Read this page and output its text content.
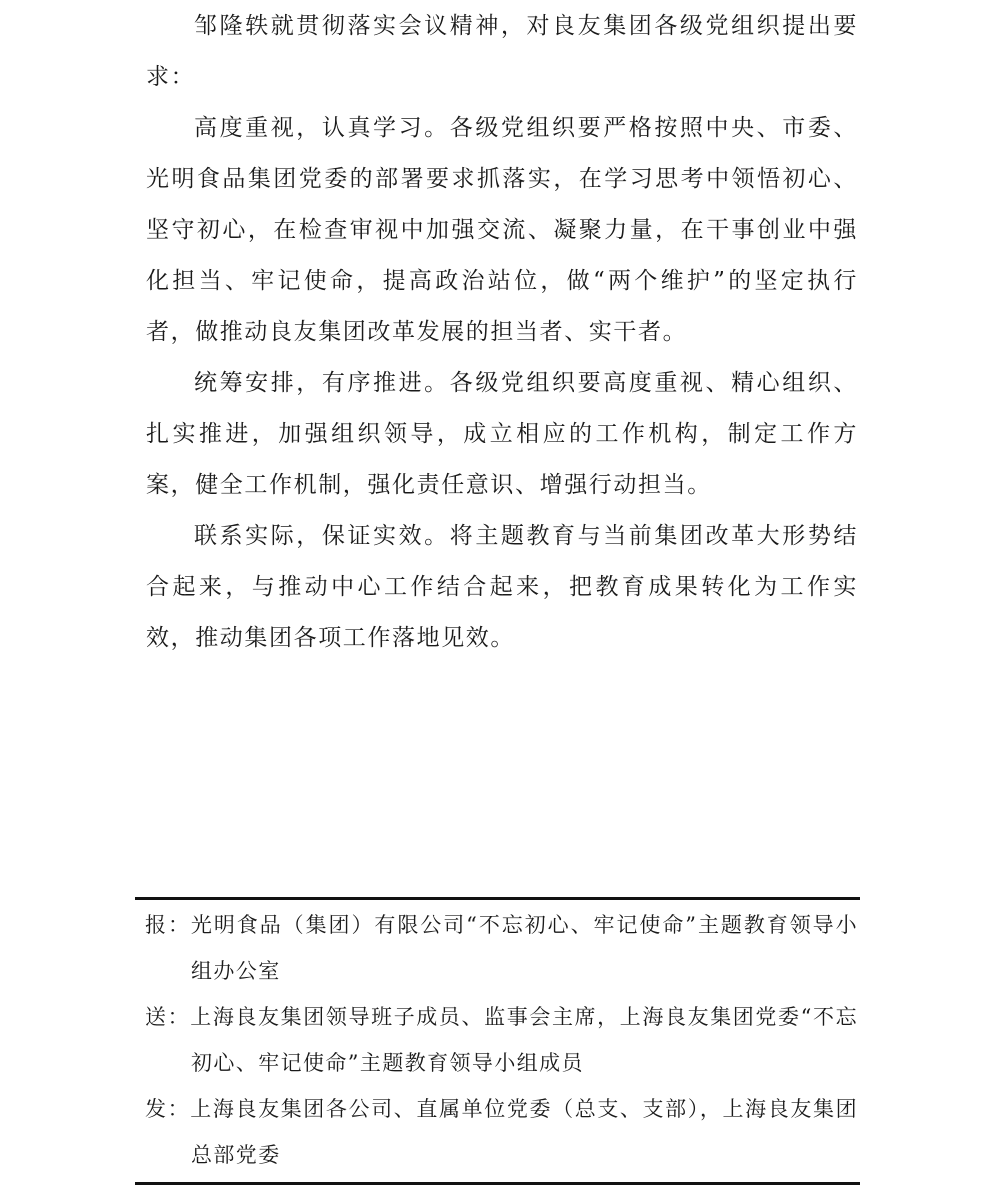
邹隆轶就贯彻落实会议精神，对良友集团各级党组织提出要求：

高度重视，认真学习。各级党组织要严格按照中央、市委、光明食品集团党委的部署要求抓落实，在学习思考中领悟初心、坚守初心，在检查审视中加强交流、凝聚力量，在干事创业中强化担当、牢记使命，提高政治站位，做“两个维护”的坚定执行者，做推动良友集团改革发展的担当者、实干者。

统筹安排，有序推进。各级党组织要高度重视、精心组织、扎实推进，加强组织领导，成立相应的工作机构，制定工作方案，健全工作机制，强化责任意识、增强行动担当。

联系实际，保证实效。将主题教育与当前集团改革大形势结合起来，与推动中心工作结合起来，把教育成果转化为工作实效，推动集团各项工作落地见效。

报：光明食品（集团）有限公司“不忘初心、牢记使命”主题教育领导小组办公室

送：上海良友集团领导班子成员、监事会主席，上海良友集团党委“不忘初心、牢记使命”主题教育领导小组成员

发：上海良友集团各公司、直属单位党委（总支、支部），上海良友集团总部党委
